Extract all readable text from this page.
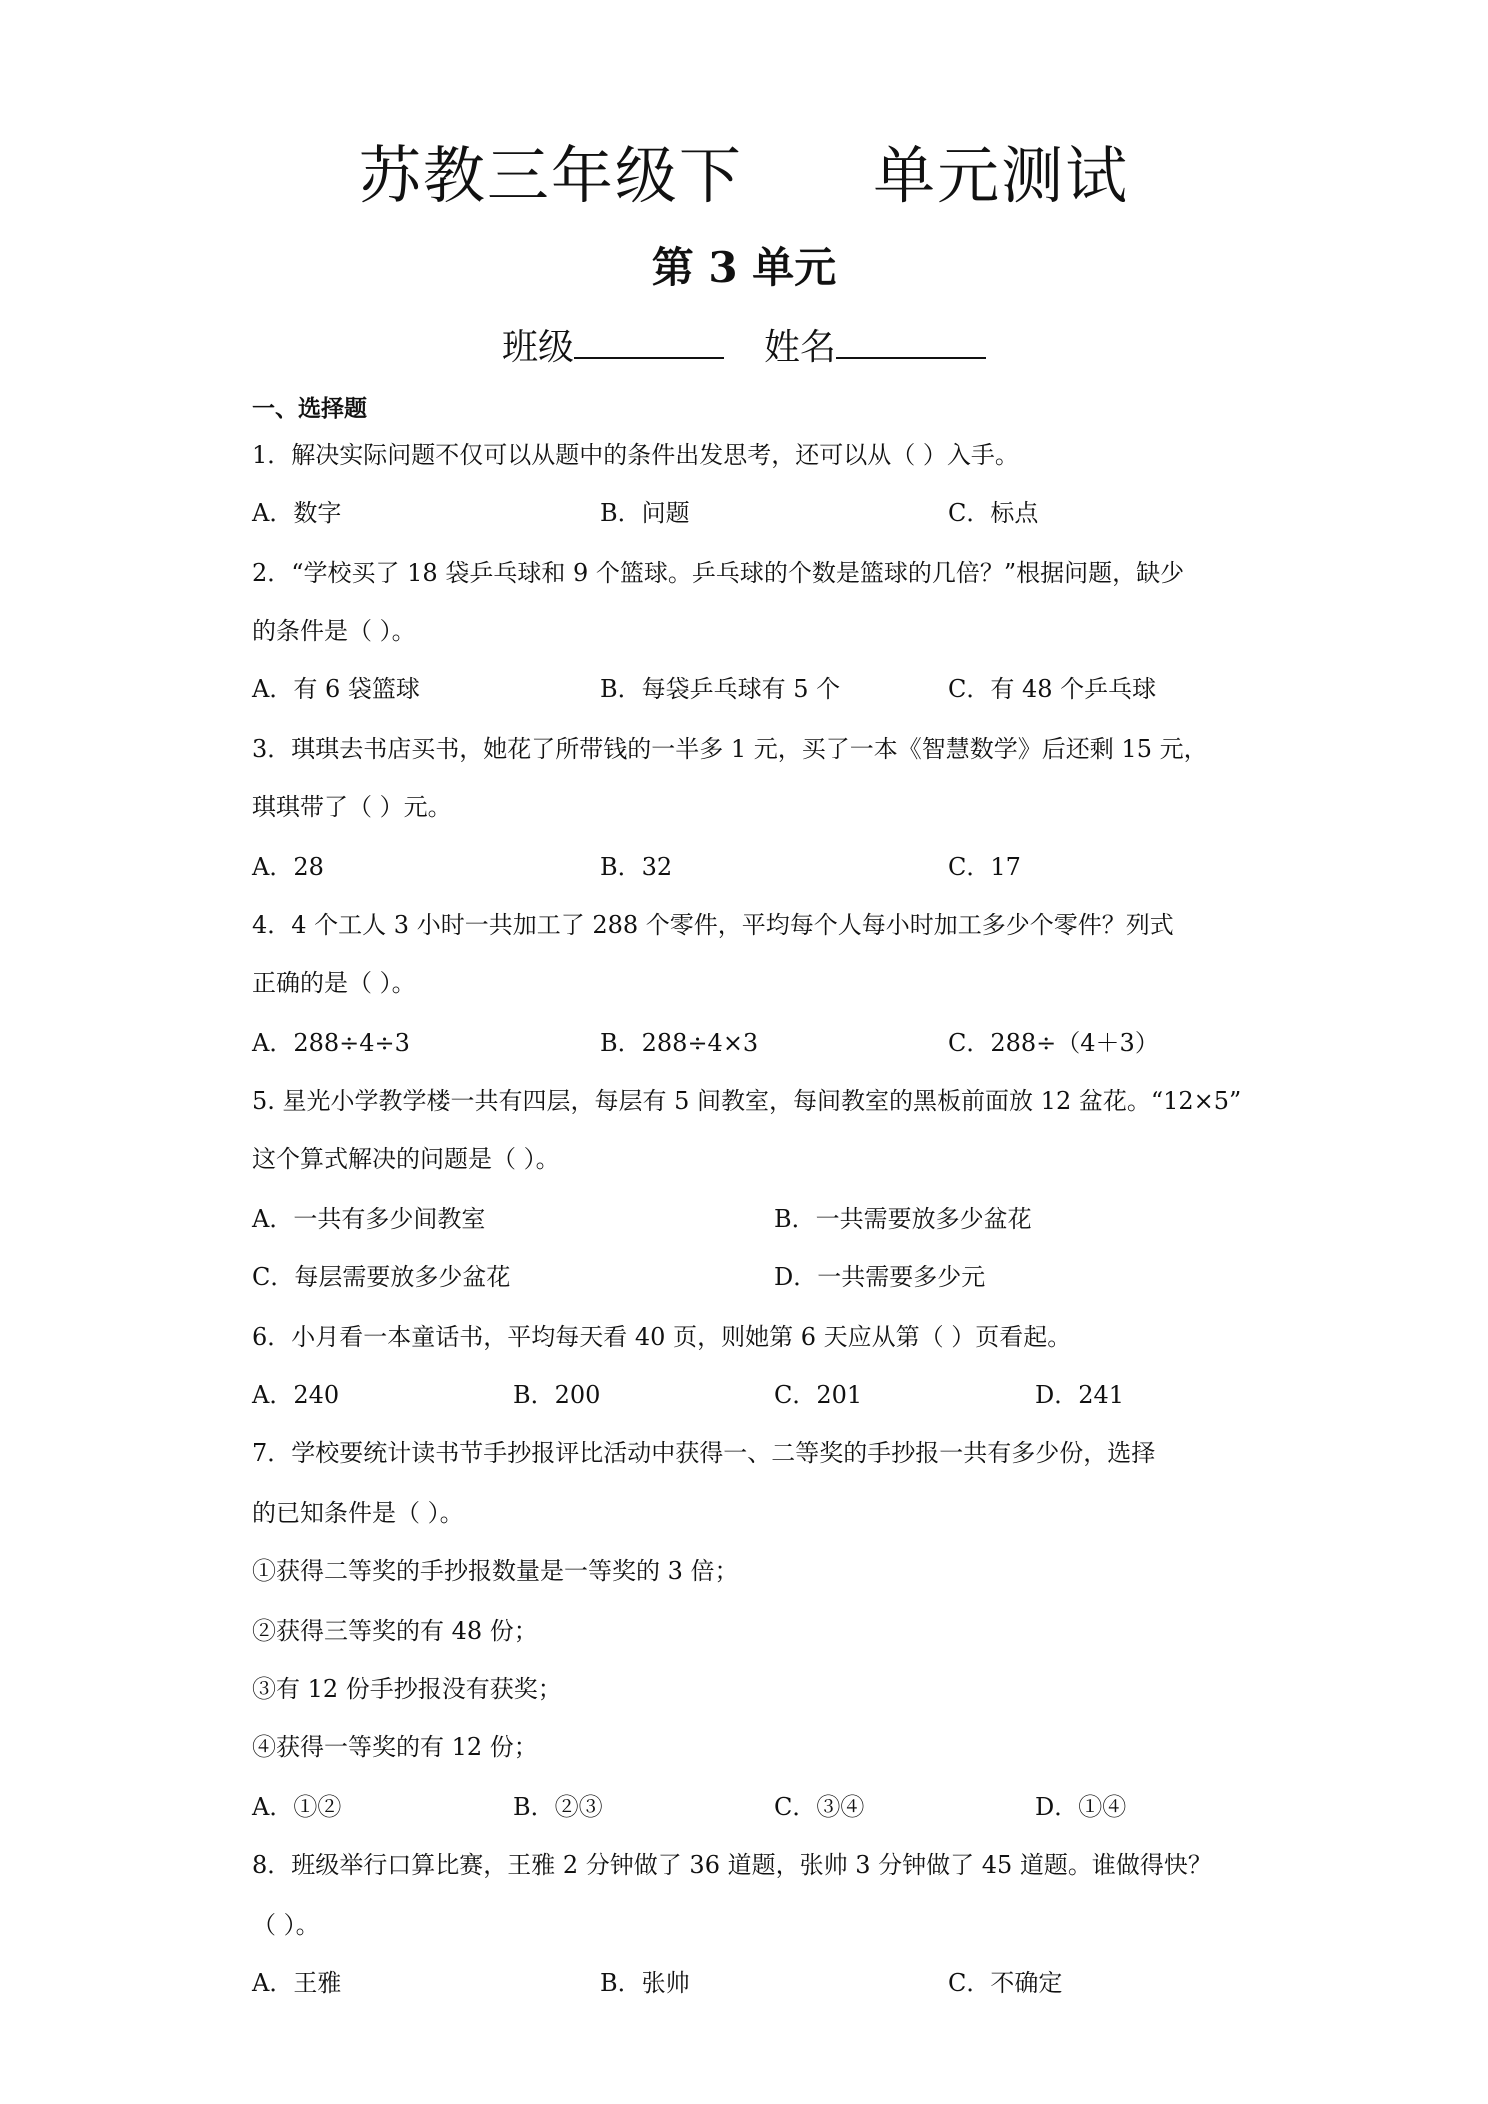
苏教三年级下      单元测试
第 3 单元
班级	姓名
一、选择题
1．解决实际问题不仅可以从题中的条件出发思考，还可以从（ ）入手。
A．数字	B．问题	C．标点
2．“学校买了 18 袋乒乓球和 9 个篮球。乒乓球的个数是篮球的几倍？”根据问题，缺少
的条件是（ ）。
A．有 6 袋篮球	B．每袋乒乓球有 5 个	C．有 48 个乒乓球
3．琪琪去书店买书，她花了所带钱的一半多 1 元，买了一本《智慧数学》后还剩 15 元，
琪琪带了（ ）元。
A．28	B．32	C．17
4．4 个工人 3 小时一共加工了 288 个零件，平均每个人每小时加工多少个零件？列式
正确的是（ ）。
A．288÷4÷3	B．288÷4×3	C．288÷（4＋3）
5. 星光小学教学楼一共有四层，每层有 5 间教室，每间教室的黑板前面放 12 盆花。“12×5”
这个算式解决的问题是（ ）。
A．一共有多少间教室	B．一共需要放多少盆花
C．每层需要放多少盆花	D．一共需要多少元
6．小月看一本童话书，平均每天看 40 页，则她第 6 天应从第（ ）页看起。
A．240	B．200	C．201	D．241
7．学校要统计读书节手抄报评比活动中获得一、二等奖的手抄报一共有多少份，选择
的已知条件是（ ）。
①获得二等奖的手抄报数量是一等奖的 3 倍；
②获得三等奖的有 48 份；
③有 12 份手抄报没有获奖；
④获得一等奖的有 12 份；
A．①②	B．②③	C．③④	D．①④
8．班级举行口算比赛，王雅 2 分钟做了 36 道题，张帅 3 分钟做了 45 道题。谁做得快？
（ ）。
A．王雅	B．张帅	C．不确定
